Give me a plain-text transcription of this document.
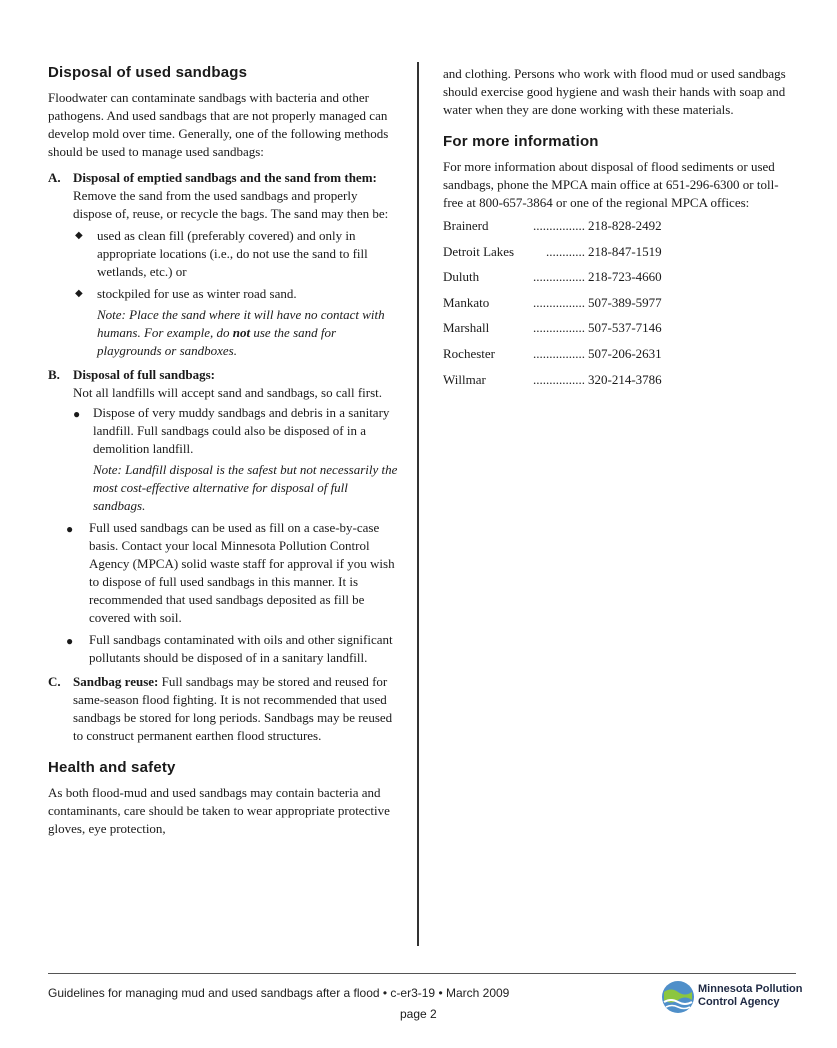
Disposal of used sandbags

Floodwater can contaminate sandbags with bacteria and other pathogens. And used sandbags that are not properly managed can develop mold over time. Generally, one of the following methods should be used to manage used sandbags:

A. Disposal of emptied sandbags and the sand from them: Remove the sand from the used sandbags and properly dispose of, reuse, or recycle the bags. The sand may then be:

◆ used as clean fill (preferably covered) and only in appropriate locations (i.e., do not use the sand to fill wetlands, etc.) or
◆ stockpiled for use as winter road sand.
Note: Place the sand where it will have no contact with humans. For example, do not use the sand for playgrounds or sandboxes.
B. Disposal of full sandbags:

Not all landfills will accept sand and sandbags, so call first.

● Dispose of very muddy sandbags and debris in a sanitary landfill. Full sandbags could also be disposed of in a demolition landfill.
Note: Landfill disposal is the safest but not necessarily the most cost-effective alternative for disposal of full sandbags.
● Full used sandbags can be used as fill on a case-by-case basis. Contact your local Minnesota Pollution Control Agency (MPCA) solid waste staff for approval if you wish to dispose of full used sandbags in this manner. It is recommended that used sandbags deposited as fill be covered with soil.
● Full sandbags contaminated with oils and other significant pollutants should be disposed of in a sanitary landfill.
C. Sandbag reuse: Full sandbags may be stored and reused for same-season flood fighting. It is not recommended that used sandbags be stored for long periods. Sandbags may be reused to construct permanent earthen flood structures.

Health and safety

As both flood-mud and used sandbags may contain bacteria and contaminants, care should be taken to wear appropriate protective gloves, eye protection,

and clothing. Persons who work with flood mud or used sandbags should exercise good hygiene and wash their hands with soap and water when they are done working with these materials.

For more information

For more information about disposal of flood sediments or used sandbags, phone the MPCA main office at 651-296-6300 or toll-free at 800-657-3864 or one of the regional MPCA offices:

Brainerd	................	218-828-2492
Detroit Lakes	............	218-847-1519
Duluth	................	218-723-4660
Mankato	................	507-389-5977
Marshall	................	507-537-7146
Rochester	................	507-206-2631
Willmar	................	320-214-3786
Guidelines for managing mud and used sandbags after a flood • c-er3-19 • March 2009
page 2
Minnesota Pollution
Control Agency
